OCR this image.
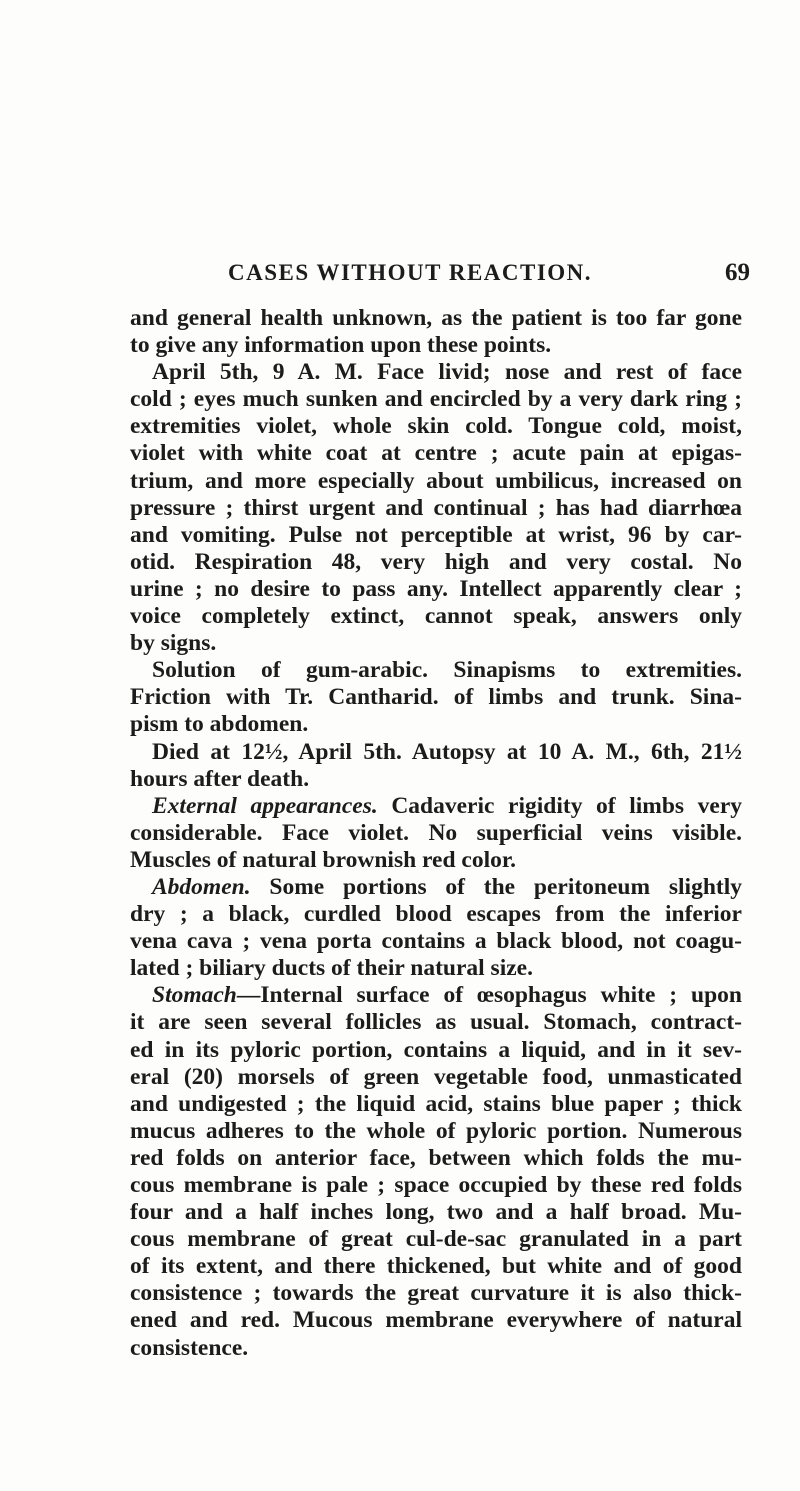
CASES WITHOUT REACTION.	69
and general health unknown, as the patient is too far gone
to give any information upon these points.
April 5th, 9 A. M. Face livid; nose and rest of face
cold ; eyes much sunken and encircled by a very dark ring ;
extremities violet, whole skin cold. Tongue cold, moist,
violet with white coat at centre ; acute pain at epigas-
trium, and more especially about umbilicus, increased on
pressure ; thirst urgent and continual ; has had diarrhœa
and vomiting. Pulse not perceptible at wrist, 96 by car-
otid. Respiration 48, very high and very costal. No
urine ; no desire to pass any. Intellect apparently clear ;
voice completely extinct, cannot speak, answers only
by signs.
Solution of gum-arabic. Sinapisms to extremities.
Friction with Tr. Cantharid. of limbs and trunk. Sina-
pism to abdomen.
Died at 12½, April 5th. Autopsy at 10 A. M., 6th, 21½
hours after death.
External appearances. Cadaveric rigidity of limbs very
considerable. Face violet. No superficial veins visible.
Muscles of natural brownish red color.
Abdomen. Some portions of the peritoneum slightly
dry ; a black, curdled blood escapes from the inferior
vena cava ; vena porta contains a black blood, not coagu-
lated ; biliary ducts of their natural size.
Stomach—Internal surface of œsophagus white ; upon
it are seen several follicles as usual. Stomach, contract-
ed in its pyloric portion, contains a liquid, and in it sev-
eral (20) morsels of green vegetable food, unmasticated
and undigested ; the liquid acid, stains blue paper ; thick
mucus adheres to the whole of pyloric portion. Numerous
red folds on anterior face, between which folds the mu-
cous membrane is pale ; space occupied by these red folds
four and a half inches long, two and a half broad. Mu-
cous membrane of great cul-de-sac granulated in a part
of its extent, and there thickened, but white and of good
consistence ; towards the great curvature it is also thick-
ened and red. Mucous membrane everywhere of natural
consistence.
